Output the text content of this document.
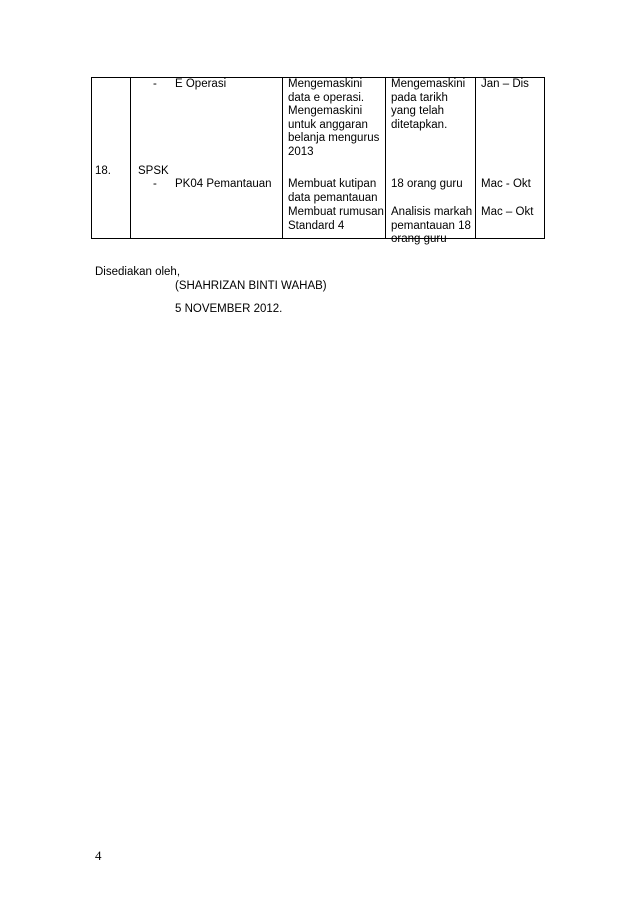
- E Operasi	Mengemaskini
data e operasi.
Mengemaskini
untuk anggaran
belanja mengurus
2013
Mengemaskini
pada tarikh
yang telah
ditetapkan.
Jan – Dis
18. SPSK
- PK04 Pemantauan Membuat kutipan
data pemantauan
Membuat rumusan
Standard 4
18 orang guru
Analisis markah
pemantauan 18
orang guru
Mac - Okt
Mac – Okt
Disediakan oleh,
(SHAHRIZAN BINTI WAHAB)
5 NOVEMBER 2012.
4
